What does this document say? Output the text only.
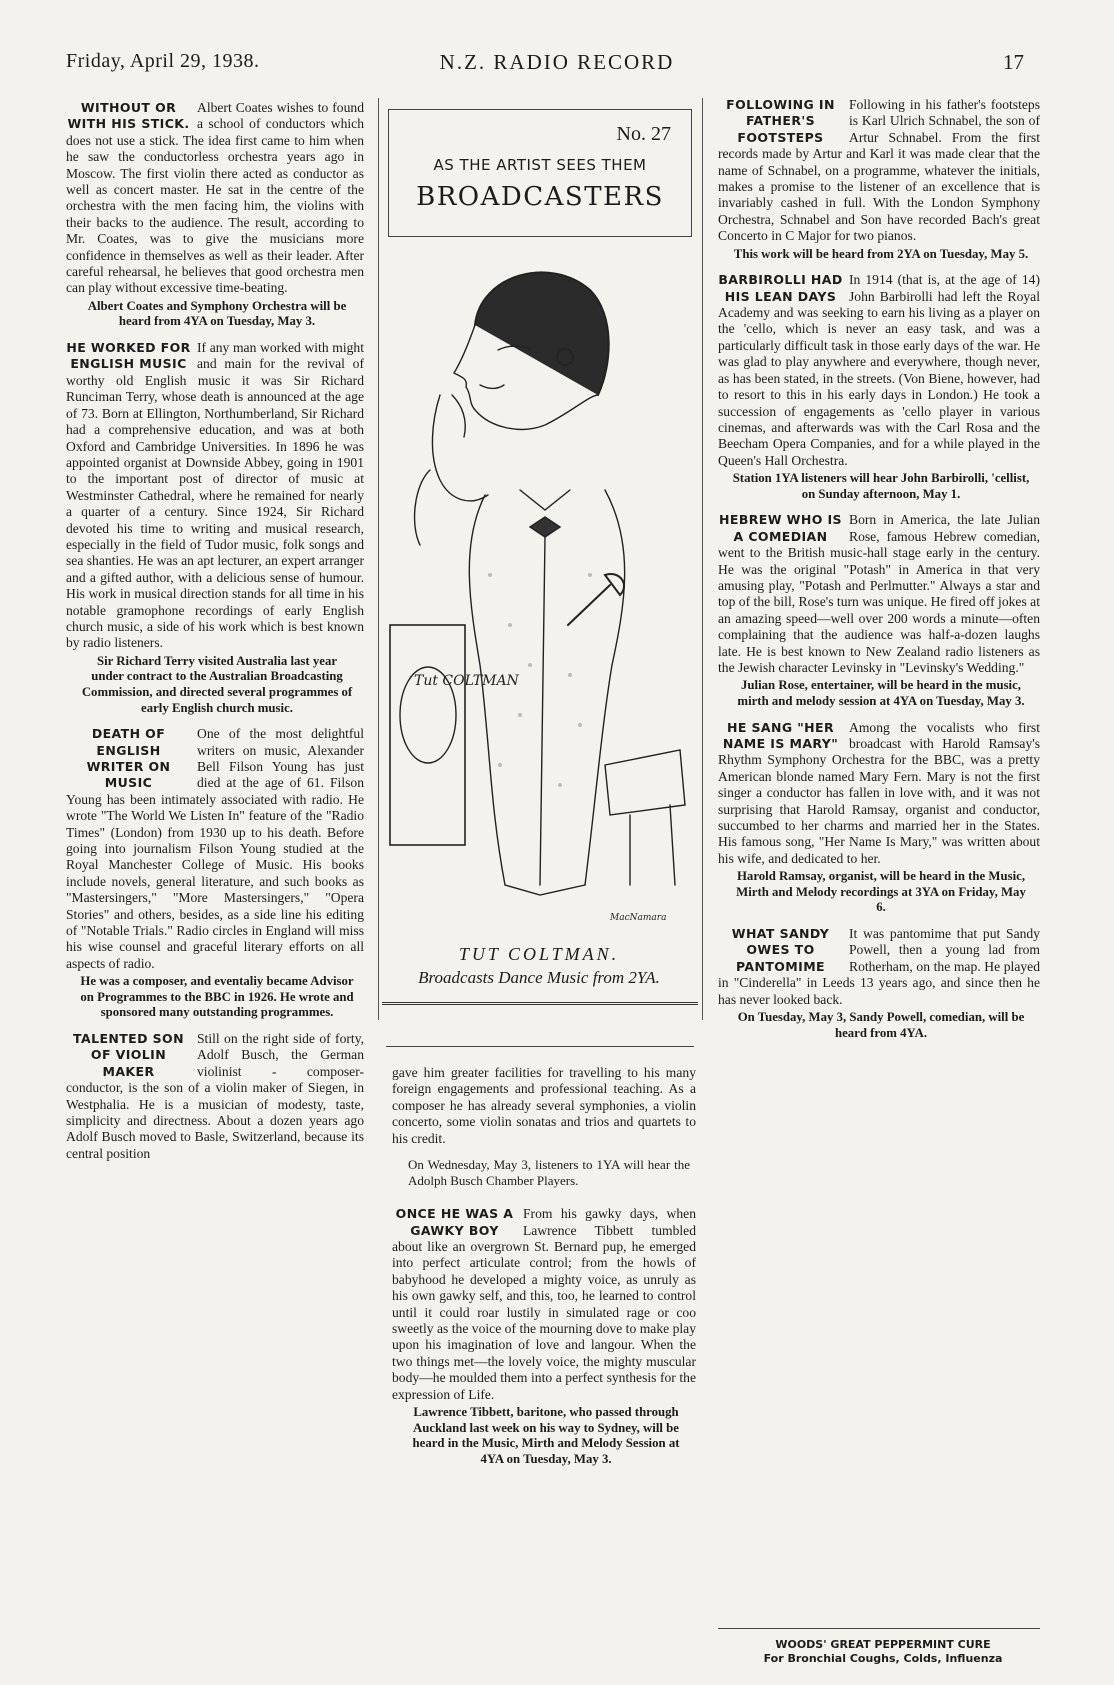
Friday, April 29, 1938.	N.Z. RADIO RECORD	17
WITHOUT OR WITH HIS STICK.

Albert Coates wishes to found a school of conductors which does not use a stick. The idea first came to him when he saw the conductorless orchestra years ago in Moscow. The first violin there acted as conductor as well as concert master. He sat in the centre of the orchestra with the men facing him, the violins with their backs to the audience. The result, according to Mr. Coates, was to give the musicians more confidence in themselves as well as their leader. After careful rehearsal, he believes that good orchestra men can play without excessive time-beating.

Albert Coates and Symphony Orchestra will be heard from 4YA on Tuesday, May 3.
HE WORKED FOR ENGLISH MUSIC

If any man worked with might and main for the revival of worthy old English music it was Sir Richard Runciman Terry, whose death is announced at the age of 73. Born at Ellington, Northumberland, Sir Richard had a comprehensive education, and was at both Oxford and Cambridge Universities. In 1896 he was appointed organist at Downside Abbey, going in 1901 to the important post of director of music at Westminster Cathedral, where he remained for nearly a quarter of a century. Since 1924, Sir Richard devoted his time to writing and musical research, especially in the field of Tudor music, folk songs and sea shanties. He was an apt lecturer, an expert arranger and a gifted author, with a delicious sense of humour. His work in musical direction stands for all time in his notable gramophone recordings of early English church music, a side of his work which is best known by radio listeners.

Sir Richard Terry visited Australia last year under contract to the Australian Broadcasting Commission, and directed several programmes of early English church music.
DEATH OF ENGLISH WRITER ON MUSIC

One of the most delightful writers on music, Alexander Bell Filson Young has just died at the age of 61. Filson Young has been intimately associated with radio. He wrote "The World We Listen In" feature of the "Radio Times" (London) from 1930 up to his death. Before going into journalism Filson Young studied at the Royal Manchester College of Music. His books include novels, general literature, and such books as "Mastersingers," "More Mastersingers," "Opera Stories" and others, besides, as a side line his editing of "Notable Trials." Radio circles in England will miss his wise counsel and graceful literary efforts on all aspects of radio.

He was a composer, and eventaliy became Advisor on Programmes to the BBC in 1926. He wrote and sponsored many outstanding programmes.
TALENTED SON OF VIOLIN MAKER

Still on the right side of forty, Adolf Busch, the German violinist - composer-conductor, is the son of a violin maker of Siegen, in Westphalia. He is a musician of modesty, taste, simplicity and directness. About a dozen years ago Adolf Busch moved to Basle, Switzerland, because its central position

No. 27
AS THE ARTIST SEES THEM
BROADCASTERS
Tut COLTMAN
MacNamara
TUT COLTMAN.
Broadcasts Dance Music from 2YA.

gave him greater facilities for travelling to his many foreign engagements and professional teaching. As a composer he has already several symphonies, a violin concerto, some violin sonatas and trios and quartets to his credit.

On Wednesday, May 3, listeners to 1YA will hear the Adolph Busch Chamber Players.
ONCE HE WAS A GAWKY BOY

From his gawky days, when Lawrence Tibbett tumbled about like an overgrown St. Bernard pup, he emerged into perfect articulate control; from the howls of babyhood he developed a mighty voice, as unruly as his own gawky self, and this, too, he learned to control until it could roar lustily in simulated rage or coo sweetly as the voice of the mourning dove to make play upon his imagination of love and langour. When the two things met—the lovely voice, the mighty muscular body—he moulded them into a perfect synthesis for the expression of Life.

Lawrence Tibbett, baritone, who passed through Auckland last week on his way to Sydney, will be heard in the Music, Mirth and Melody Session at 4YA on Tuesday, May 3.
FOLLOWING IN FATHER'S FOOTSTEPS

Following in his father's footsteps is Karl Ulrich Schnabel, the son of Artur Schnabel. From the first records made by Artur and Karl it was made clear that the name of Schnabel, on a programme, whatever the initials, makes a promise to the listener of an excellence that is invariably cashed in full. With the London Symphony Orchestra, Schnabel and Son have recorded Bach's great Concerto in C Major for two pianos.

This work will be heard from 2YA on Tuesday, May 5.
BARBIROLLI HAD HIS LEAN DAYS

In 1914 (that is, at the age of 14) John Barbirolli had left the Royal Academy and was seeking to earn his living as a player on the 'cello, which is never an easy task, and was a particularly difficult task in those early days of the war. He was glad to play anywhere and everywhere, though never, as has been stated, in the streets. (Von Biene, however, had to resort to this in his early days in London.) He took a succession of engagements as 'cello player in various cinemas, and afterwards was with the Carl Rosa and the Beecham Opera Companies, and for a while played in the Queen's Hall Orchestra.

Station 1YA listeners will hear John Barbirolli, 'cellist, on Sunday afternoon, May 1.
HEBREW WHO IS A COMEDIAN

Born in America, the late Julian Rose, famous Hebrew comedian, went to the British music-hall stage early in the century. He was the original "Potash" in America in that very amusing play, "Potash and Perlmutter." Always a star and top of the bill, Rose's turn was unique. He fired off jokes at an amazing speed—well over 200 words a minute—often complaining that the audience was half-a-dozen laughs late. He is best known to New Zealand radio listeners as the Jewish character Levinsky in "Levinsky's Wedding."

Julian Rose, entertainer, will be heard in the music, mirth and melody session at 4YA on Tuesday, May 3.
HE SANG "HER NAME IS MARY"

Among the vocalists who first broadcast with Harold Ramsay's Rhythm Symphony Orchestra for the BBC, was a pretty American blonde named Mary Fern. Mary is not the first singer a conductor has fallen in love with, and it was not surprising that Harold Ramsay, organist and conductor, succumbed to her charms and married her in the States. His famous song, "Her Name Is Mary," was written about his wife, and dedicated to her.

Harold Ramsay, organist, will be heard in the Music, Mirth and Melody recordings at 3YA on Friday, May 6.
WHAT SANDY OWES TO PANTOMIME

It was pantomime that put Sandy Powell, then a young lad from Rotherham, on the map. He played in "Cinderella" in Leeds 13 years ago, and since then he has never looked back.

On Tuesday, May 3, Sandy Powell, comedian, will be heard from 4YA.
WOODS' GREAT PEPPERMINT CURE
For Bronchial Coughs, Colds, Influenza
